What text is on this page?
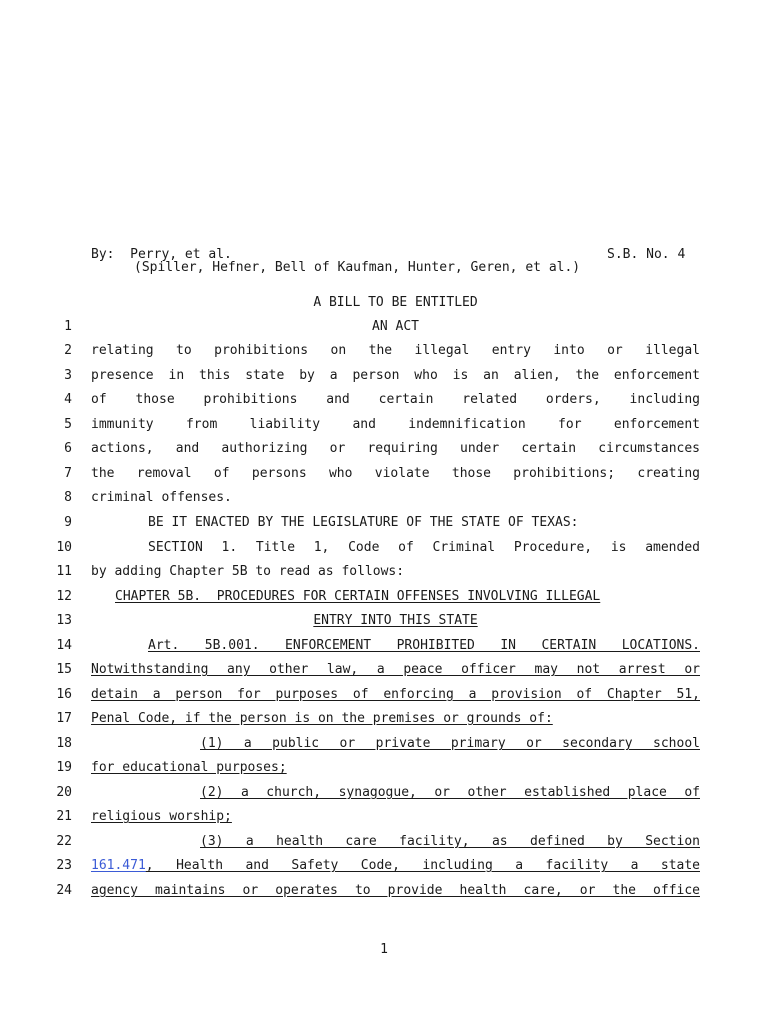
By: Perry, et al.	S.B. No. 4
(Spiller, Hefner, Bell of Kaufman, Hunter, Geren, et al.)
A BILL TO BE ENTITLED
1
2
3
4
5
6
7
8
9
10
11
12
13
14
15
16
17
18
19
20
21
22
23
24
AN ACT
relating to prohibitions on the illegal entry into or illegal
presence in this state by a person who is an alien, the enforcement
of those prohibitions and certain related orders, including
immunity from liability and indemnification for enforcement
actions, and authorizing or requiring under certain circumstances
the removal of persons who violate those prohibitions; creating
criminal offenses.
BE IT ENACTED BY THE LEGISLATURE OF THE STATE OF TEXAS:
SECTION 1. Title 1, Code of Criminal Procedure, is amended
by adding Chapter 5B to read as follows:
CHAPTER 5B.  PROCEDURES FOR CERTAIN OFFENSES INVOLVING ILLEGAL
ENTRY INTO THIS STATE
Art. 5B.001. ENFORCEMENT PROHIBITED IN CERTAIN LOCATIONS.
Notwithstanding any other law, a peace officer may not arrest or
detain a person for purposes of enforcing a provision of Chapter 51,
Penal Code, if the person is on the premises or grounds of:
(1) a public or private primary or secondary school
for educational purposes;
(2) a church, synagogue, or other established place of
religious worship;
(3) a health care facility, as defined by Section
161.471, Health and Safety Code, including a facility a state
agency maintains or operates to provide health care, or the office
1
